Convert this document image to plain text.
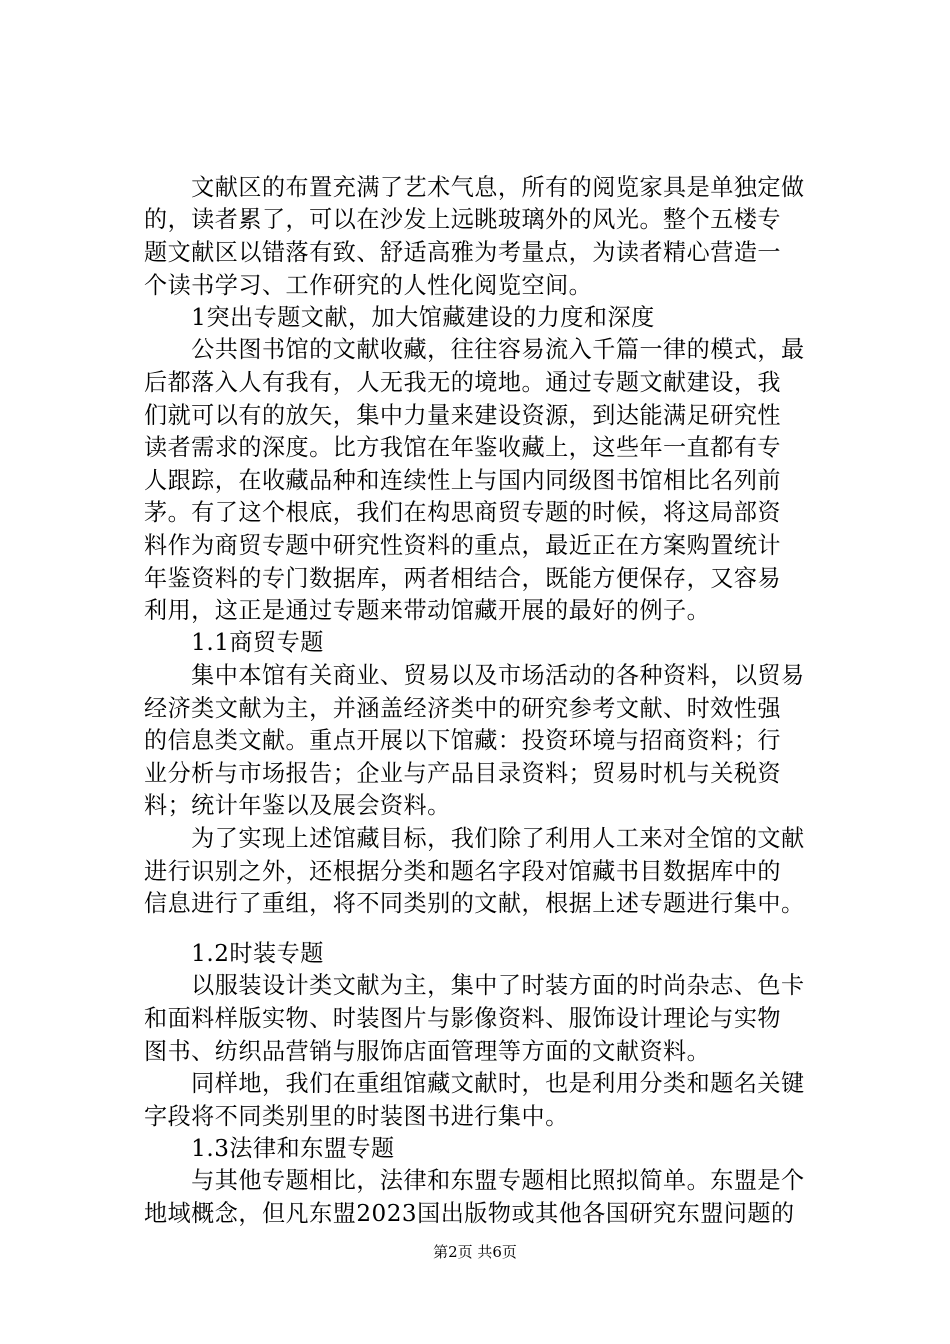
　　文献区的布置充满了艺术气息，所有的阅览家具是单独定做
的，读者累了，可以在沙发上远眺玻璃外的风光。整个五楼专
题文献区以错落有致、舒适高雅为考量点，为读者精心营造一
个读书学习、工作研究的人性化阅览空间。
　　1突出专题文献，加大馆藏建设的力度和深度
　　公共图书馆的文献收藏，往往容易流入千篇一律的模式，最
后都落入人有我有，人无我无的境地。通过专题文献建设，我
们就可以有的放矢，集中力量来建设资源，到达能满足研究性
读者需求的深度。比方我馆在年鉴收藏上，这些年一直都有专
人跟踪，在收藏品种和连续性上与国内同级图书馆相比名列前
茅。有了这个根底，我们在构思商贸专题的时候，将这局部资
料作为商贸专题中研究性资料的重点，最近正在方案购置统计
年鉴资料的专门数据库，两者相结合，既能方便保存，又容易
利用，这正是通过专题来带动馆藏开展的最好的例子。
　　1.1商贸专题
　　集中本馆有关商业、贸易以及市场活动的各种资料，以贸易
经济类文献为主，并涵盖经济类中的研究参考文献、时效性强
的信息类文献。重点开展以下馆藏：投资环境与招商资料；行
业分析与市场报告；企业与产品目录资料；贸易时机与关税资
料；统计年鉴以及展会资料。
　　为了实现上述馆藏目标，我们除了利用人工来对全馆的文献
进行识别之外，还根据分类和题名字段对馆藏书目数据库中的
信息进行了重组，将不同类别的文献，根据上述专题进行集中。
　　1.2时装专题
　　以服装设计类文献为主，集中了时装方面的时尚杂志、色卡
和面料样版实物、时装图片与影像资料、服饰设计理论与实物
图书、纺织品营销与服饰店面管理等方面的文献资料。
　　同样地，我们在重组馆藏文献时，也是利用分类和题名关键
字段将不同类别里的时装图书进行集中。
　　1.3法律和东盟专题
　　与其他专题相比，法律和东盟专题相比照拟简单。东盟是个
地域概念，但凡东盟2023国出版物或其他各国研究东盟问题的
第2页 共6页
